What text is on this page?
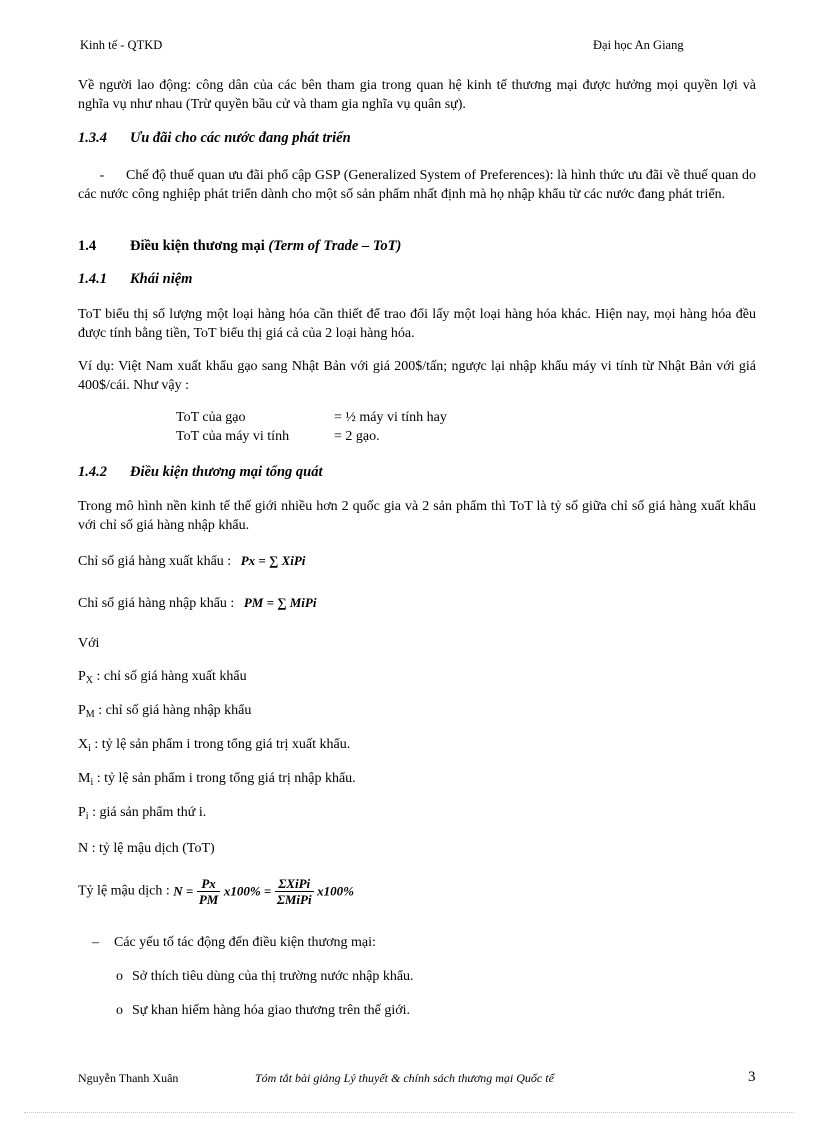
Kinh tế - QTKD	Đại học An Giang
Về người lao động: công dân của các bên tham gia trong quan hệ kinh tế thương mại được hưởng mọi quyền lợi và nghĩa vụ như nhau (Trừ quyền bầu cử và tham gia nghĩa vụ quân sự).
1.3.4 Ưu đãi cho các nước đang phát triển
- Chế độ thuế quan ưu đãi phổ cập GSP (Generalized System of Preferences): là hình thức ưu đãi về thuế quan do các nước công nghiệp phát triển dành cho một số sản phẩm nhất định mà họ nhập khẩu từ các nước đang phát triển.
1.4 Điều kiện thương mại (Term of Trade – ToT)
1.4.1 Khái niệm
ToT biểu thị số lượng một loại hàng hóa cần thiết để trao đổi lấy một loại hàng hóa khác. Hiện nay, mọi hàng hóa đều được tính bằng tiền, ToT biểu thị giá cả của 2 loại hàng hóa.
Ví dụ: Việt Nam xuất khẩu gạo sang Nhật Bản với giá 200$/tấn; ngược lại nhập khẩu máy vi tính từ Nhật Bản với giá 400$/cái. Như vậy :
ToT của gạo	= ½ máy vi tính hay
ToT của máy vi tính	= 2 gạo.
1.4.2 Điều kiện thương mại tổng quát
Trong mô hình nền kinh tế thế giới nhiều hơn 2 quốc gia và 2 sản phẩm thì ToT là tỷ số giữa chỉ số giá hàng xuất khẩu với chỉ số giá hàng nhập khẩu.
Chỉ số giá hàng xuất khẩu : Px = ∑ XiPi
Chỉ số giá hàng nhập khẩu : PM = ∑ MiPi
Với
$P_X$ : chỉ số giá hàng xuất khẩu
$P_M$ : chỉ số giá hàng nhập khẩu
$X_i$ : tỷ lệ sản phẩm i trong tổng giá trị xuất khẩu.
$M_i$ : tỷ lệ sản phẩm i trong tổng giá trị nhập khẩu.
$P_i$ : giá sản phẩm thứ i.
N : tỷ lệ mậu dịch (ToT)
Tỷ lệ mậu dịch : $N = \frac{Px}{PM} x100\% = \frac{\text{ΣXiPi}}{\text{ΣMiPi}} x100\%$
– Các yếu tố tác động đến điều kiện thương mại:
o Sở thích tiêu dùng của thị trường nước nhập khẩu.
o Sự khan hiếm hàng hóa giao thương trên thế giới.
Nguyễn Thanh Xuân	Tóm tắt bài giảng Lý thuyết & chính sách thương mại Quốc tế	3
